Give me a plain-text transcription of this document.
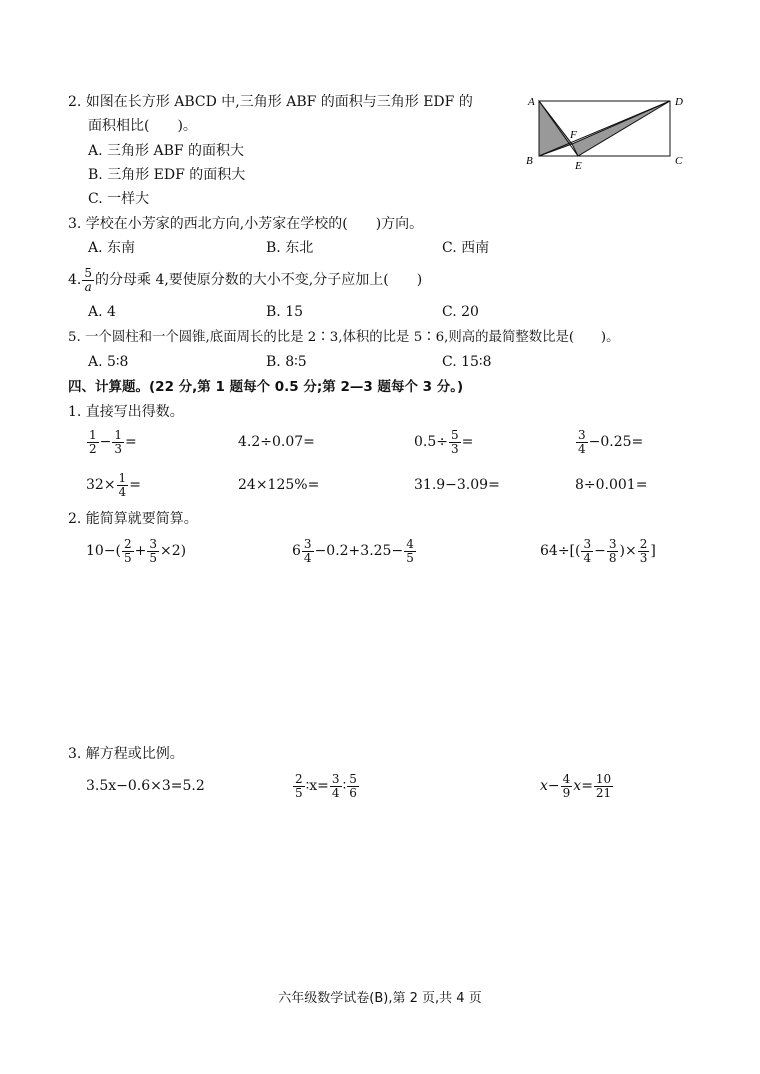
2. 如图在长方形 ABCD 中,三角形 ABF 的面积与三角形 EDF 的
面积相比(　　)。
A. 三角形 ABF 的面积大
B. 三角形 EDF 的面积大
C. 一样大
A
B	C
D
E
F
3. 学校在小芳家的西北方向,小芳家在学校的(　　)方向。
A. 东南	B. 东北	C. 西南
4. $\frac{5}{a}$ 的分母乘 4,要使原分数的大小不变,分子应加上(　　)
A. 4	B. 15	C. 20
5. 一个圆柱和一个圆锥,底面周长的比是 2∶3,体积的比是 5∶6,则高的最简整数比是(　　)。
A. 5∶8	B. 8∶5	C. 15∶8
四、计算题。(22 分,第 1 题每个 0.5 分;第 2—3 题每个 3 分。)
1. 直接写出得数。
$\frac{1}{2} - \frac{1}{3}$ =	4.2÷0.07=	$0.5\div \frac{5}{3}$ =	$\frac{3}{4} -0.25=$
$32\times \frac{1}{4}$ =	24×125%=	31.9−3.09=	8÷0.001=
2. 能简算就要简算。
$10-( \frac{2}{5} + \frac{3}{5} \times 2)$	$6 \frac{3}{4} -0.2+3.25- \frac{4}{5}$	$64\div[( \frac{3}{4} - \frac{3}{8}$ )× $\frac{2}{3}$ ]
3. 解方程或比例。
3.5x−0.6×3=5.2	$\frac{2}{5}$ ∶x= $\frac{3}{4}$ ∶ $\frac{5}{6}$	$x- \frac{4}{9} x= \frac{10}{21}$
六年级数学试卷(B),第 2 页,共 4 页
